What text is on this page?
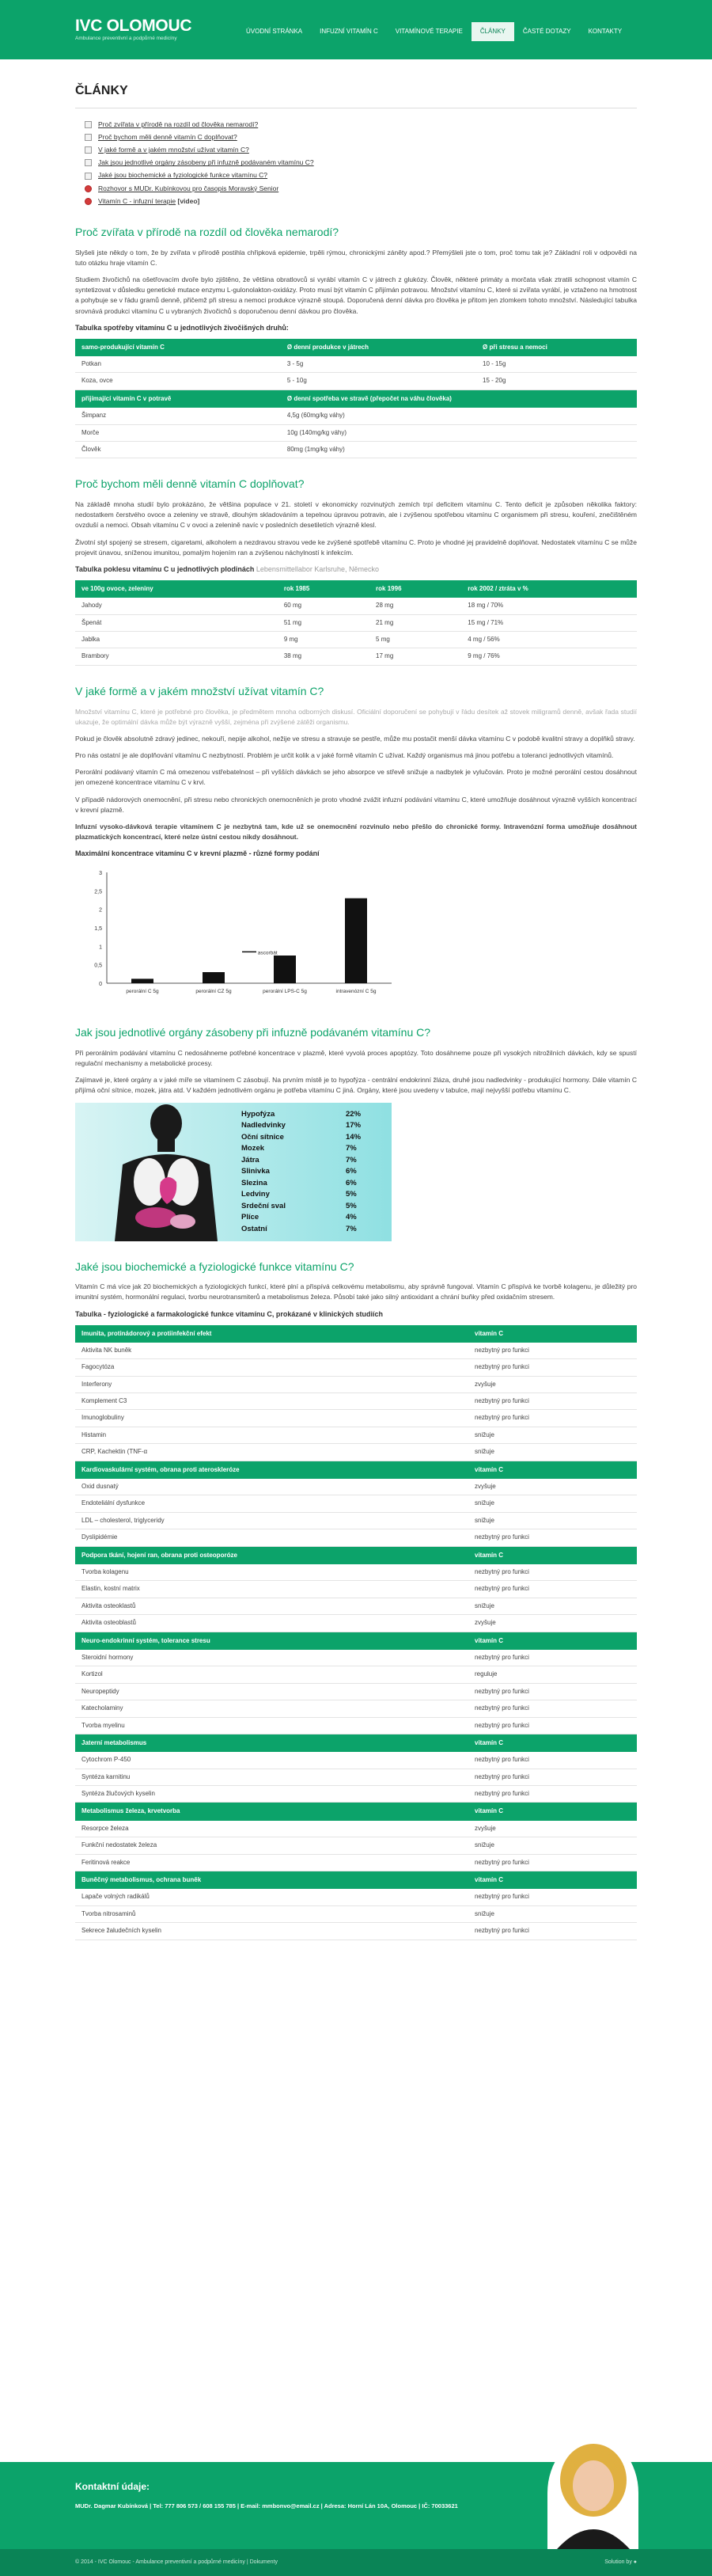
IVC OLOMOUC
Ambulance preventivní a podpůrné medicíny
ÚVODNÍ STRÁNKA	INFUZNÍ VITAMÍN C	VITAMÍNOVÉ TERAPIE	ČLÁNKY	ČASTÉ DOTAZY	KONTAKTY
ČLÁNKY
Proč zvířata v přírodě na rozdíl od člověka nemarodí?
Proč bychom měli denně vitamín C doplňovat?
V jaké formě a v jakém množství užívat vitamín C?
Jak jsou jednotlivé orgány zásobeny při infuzně podávaném vitamínu C?
Jaké jsou biochemické a fyziologické funkce vitamínu C?
Rozhovor s MUDr. Kubínkovou pro časopis Moravský Senior
Vitamín C - infuzní terapie
[video]
Proč zvířata v přírodě na rozdíl od člověka nemarodí?

Slyšeli jste někdy o tom, že by zvířata v přírodě postihla chřipková epidemie, trpěli rýmou, chronickými záněty apod.? Přemýšleli jste o tom, proč tomu tak je? Základní roli v odpovědi na tuto otázku hraje vitamín C.

Studiem živočichů na ošetřovacím dvoře bylo zjištěno, že většina obratlovců si vyrábí vitamín C v játrech z glukózy. Člověk, některé primáty a morčata však ztratili schopnost vitamín C syntetizovat v důsledku genetické mutace enzymu L-gulonolakton-oxidázy. Proto musí být vitamín C přijímán potravou. Množství vitamínu C, které si zvířata vyrábí, je vztaženo na hmotnost a pohybuje se v řádu gramů denně, přičemž při stresu a nemoci produkce výrazně stoupá. Doporučená denní dávka pro člověka je přitom jen zlomkem tohoto množství. Následující tabulka srovnává produkci vitamínu C u vybraných živočichů s doporučenou denní dávkou pro člověka.

Tabulka spotřeby vitamínu C u jednotlivých živočišných druhů:
samo-produkující vitamín C	Ø denní produkce v játrech	Ø při stresu a nemoci
Potkan	3 - 5g	10 - 15g
Koza, ovce	5 - 10g	15 - 20g
přijímající vitamín C v potravě	Ø denní spotřeba ve stravě (přepočet na váhu člověka)	
Šimpanz	4,5g (60mg/kg váhy)	
Morče	10g (140mg/kg váhy)	
Člověk	80mg (1mg/kg váhy)	
Proč bychom měli denně vitamín C doplňovat?

Na základě mnoha studií bylo prokázáno, že většina populace v 21. století v ekonomicky rozvinutých zemích trpí deficitem vitamínu C. Tento deficit je způsoben několika faktory: nedostatkem čerstvého ovoce a zeleniny ve stravě, dlouhým skladováním a tepelnou úpravou potravin, ale i zvýšenou spotřebou vitamínu C organismem při stresu, kouření, znečištěném ovzduší a nemoci. Obsah vitamínu C v ovoci a zelenině navíc v posledních desetiletích výrazně klesl.

Životní styl spojený se stresem, cigaretami, alkoholem a nezdravou stravou vede ke zvýšené spotřebě vitamínu C. Proto je vhodné jej pravidelně doplňovat. Nedostatek vitamínu C se může projevit únavou, sníženou imunitou, pomalým hojením ran a zvýšenou náchylností k infekcím.

Tabulka poklesu vitamínu C u jednotlivých plodinách Lebensmittellabor Karlsruhe, Německo
ve 100g ovoce, zeleniny	rok 1985	rok 1996	rok 2002 / ztráta v %
Jahody	60 mg	28 mg	18 mg / 70%
Špenát	51 mg	21 mg	15 mg / 71%
Jablka	9 mg	5 mg	4 mg / 56%
Brambory	38 mg	17 mg	9 mg / 76%
V jaké formě a v jakém množství užívat vitamín C?

Množství vitamínu C, které je potřebné pro člověka, je předmětem mnoha odborných diskusí. Oficiální doporučení se pohybují v řádu desítek až stovek miligramů denně, avšak řada studií ukazuje, že optimální dávka může být výrazně vyšší, zejména při zvýšené zátěži organismu.

Pokud je člověk absolutně zdravý jedinec, nekouří, nepije alkohol, nežije ve stresu a stravuje se pestře, může mu postačit menší dávka vitamínu C v podobě kvalitní stravy a doplňků stravy.

Pro nás ostatní je ale doplňování vitamínu C nezbytností. Problém je určit kolik a v jaké formě vitamín C užívat. Každý organismus má jinou potřebu a toleranci jednotlivých vitamínů.

Perorální podávaný vitamín C má omezenou vstřebatelnost – při vyšších dávkách se jeho absorpce ve střevě snižuje a nadbytek je vylučován. Proto je možné perorální cestou dosáhnout jen omezené koncentrace vitamínu C v krvi.

V případě nádorových onemocnění, při stresu nebo chronických onemocněních je proto vhodné zvážit infuzní podávání vitamínu C, které umožňuje dosáhnout výrazně vyšších koncentrací v krevní plazmě.

Infuzní vysoko-dávková terapie vitamínem C je nezbytná tam, kde už se onemocnění rozvinulo nebo přešlo do chronické formy. Intravenózní forma umožňuje dosáhnout plazmatických koncentrací, které nelze ústní cestou nikdy dosáhnout.

Maximální koncentrace vitamínu C v krevní plazmě - různé formy podání
0
0,5
1
1,5
2
2,5
3
perorální C 5g	perorální CZ 5g	perorální LPS-C 5g	intravenózní C 5g
ascorbát
Jak jsou jednotlivé orgány zásobeny při infuzně podávaném vitamínu C?

Při perorálním podávání vitamínu C nedosáhneme potřebné koncentrace v plazmě, které vyvolá proces apoptózy. Toto dosáhneme pouze při vysokých nitrožilních dávkách, kdy se spustí regulační mechanismy a metabolické procesy.

Zajímavé je, které orgány a v jaké míře se vitamínem C zásobují. Na prvním místě je to hypofýza - centrální endokrinní žláza, druhé jsou nadledvinky - produkující hormony. Dále vitamín C přijímá oční sítnice, mozek, játra atd. V každém jednotlivém orgánu je potřeba vitamínu C jiná. Orgány, které jsou uvedeny v tabulce, mají nejvyšší potřebu vitamínu C.

Hypofýza	22%
Nadledvinky	17%
Oční sítnice	14%
Mozek	7%
Játra	7%
Slinivka	6%
Slezina	6%
Ledviny	5%
Srdeční sval	5%
Plíce	4%
Ostatní	7%
Jaké jsou biochemické a fyziologické funkce vitamínu C?

Vitamín C má více jak 20 biochemických a fyziologických funkcí, které plní a přispívá celkovému metabolismu, aby správně fungoval. Vitamín C přispívá ke tvorbě kolagenu, je důležitý pro imunitní systém, hormonální regulaci, tvorbu neurotransmiterů a metabolismus železa. Působí také jako silný antioxidant a chrání buňky před oxidačním stresem.

Tabulka - fyziologické a farmakologické funkce vitamínu C, prokázané v klinických studiích
Imunita, protinádorový a protiinfekční efekt	vitamín C
Aktivita NK buněk	nezbytný pro funkci
Fagocytóza	nezbytný pro funkci
Interferony	zvyšuje
Komplement C3	nezbytný pro funkci
Imunoglobuliny	nezbytný pro funkci
Histamin	snižuje
CRP, Kachektin (TNF-α	snižuje
Kardiovaskulární systém, obrana proti ateroskleróze	vitamín C
Oxid dusnatý	zvyšuje
Endoteliální dysfunkce	snižuje
LDL – cholesterol, triglyceridy	snižuje
Dyslipidémie	nezbytný pro funkci
Podpora tkání, hojení ran, obrana proti osteoporóze	vitamín C
Tvorba kolagenu	nezbytný pro funkci
Elastin, kostní matrix	nezbytný pro funkci
Aktivita osteoklastů	snižuje
Aktivita osteoblastů	zvyšuje
Neuro-endokrinní systém, tolerance stresu	vitamín C
Steroidní hormony	nezbytný pro funkci
Kortizol	reguluje
Neuropeptidy	nezbytný pro funkci
Katecholaminy	nezbytný pro funkci
Tvorba myelinu	nezbytný pro funkci
Jaterní metabolismus	vitamín C
Cytochrom P-450	nezbytný pro funkci
Syntéza karnitinu	nezbytný pro funkci
Syntéza žlučových kyselin	nezbytný pro funkci
Metabolismus železa, krvetvorba	vitamín C
Resorpce železa	zvyšuje
Funkční nedostatek železa	snižuje
Feritinová reakce	nezbytný pro funkci
Buněčný metabolismus, ochrana buněk	vitamín C
Lapače volných radikálů	nezbytný pro funkci
Tvorba nitrosaminů	snižuje
Sekrece žaludečních kyselin	nezbytný pro funkci
Kontaktní údaje:
MUDr. Dagmar Kubínková | Tel: 777 806 573 / 608 155 785 | E-mail: mmbonvo@email.cz | Adresa: Horní Lán 10A, Olomouc | IČ: 70033621
© 2014 - IVC Olomouc - Ambulance preventivní a podpůrné medicíny | Dokumenty	Solution by ●
